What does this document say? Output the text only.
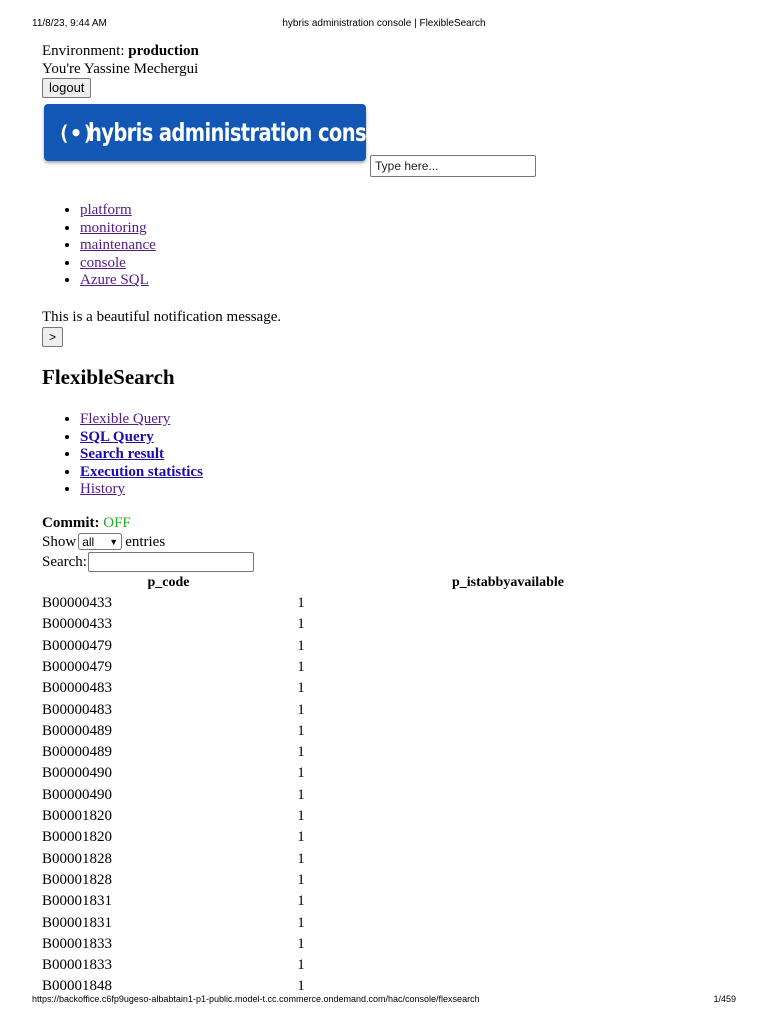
11/8/23, 9:44 AM	hybris administration console | FlexibleSearch
Environment: production
You're Yassine Mechergui
logout
(•)
hybris administration console
Type here...
• platform
• monitoring
• maintenance
• console
• Azure SQL
This is a beautiful notification message.
>
FlexibleSearch
• Flexible Query
• SQL Query
• Search result
• Execution statistics
• History
Commit: OFF
Show all ▼ entries
Search:
p_code	p_istabbyavailable
B00000433	1
B00000433	1
B00000479	1
B00000479	1
B00000483	1
B00000483	1
B00000489	1
B00000489	1
B00000490	1
B00000490	1
B00001820	1
B00001820	1
B00001828	1
B00001828	1
B00001831	1
B00001831	1
B00001833	1
B00001833	1
B00001848	1
https://backoffice.c6fp9ugeso-albabtain1-p1-public.model-t.cc.commerce.ondemand.com/hac/console/flexsearch	1/459
